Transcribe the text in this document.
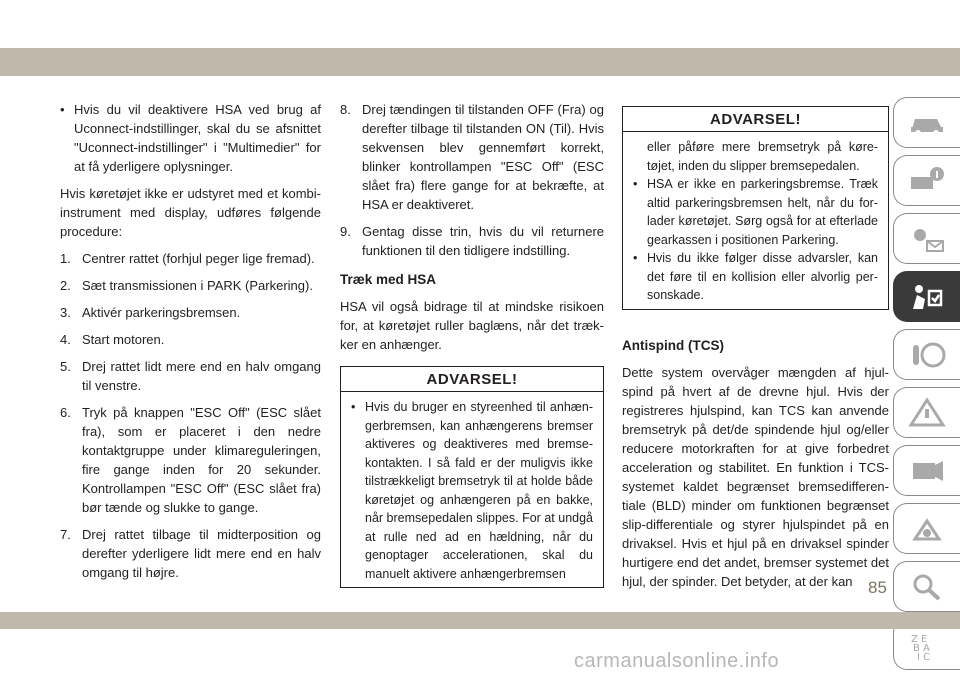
• Hvis du vil deaktivere HSA ved brug af Uconnect-indstillinger, skal du se afsnittet "Uconnect-indstillinger" i "Multimedier" for at få yderligere oplysninger.

Hvis køretøjet ikke er udstyret med et kombi-instrument med display, udføres følgende procedure:

1. Centrer rattet (forhjul peger lige fremad).
2. Sæt transmissionen i PARK (Parkering).
3. Aktivér parkeringsbremsen.
4. Start motoren.
5. Drej rattet lidt mere end en halv omgang til venstre.
6. Tryk på knappen "ESC Off" (ESC slået fra), som er placeret i den nedre kontaktgruppe under klimareguleringen, fire gange inden for 20 sekunder. Kontrollampen "ESC Off" (ESC slået fra) bør tænde og slukke to gange.
7. Drej rattet tilbage til midterposition og derefter yderligere lidt mere end en halv omgang til højre.
8. Drej tændingen til tilstanden OFF (Fra) og derefter tilbage til tilstanden ON (Til). Hvis sekvensen blev gennemført korrekt, blinker kontrollampen "ESC Off" (ESC slået fra) flere gange for at bekræfte, at HSA er deaktiveret.
9. Gentag disse trin, hvis du vil returnere funktionen til den tidligere indstilling.
Træk med HSA

HSA vil også bidrage til at mindske risikoen for, at køretøjet ruller baglæns, når det træk-ker en anhænger.

ADVARSEL!
• Hvis du bruger en styreenhed til anhæn-gerbremsen, kan anhængerens bremser aktiveres og deaktiveres med bremse-kontakten. I så fald er der muligvis ikke tilstrækkeligt bremsetryk til at holde både køretøjet og anhængeren på en bakke, når bremsepedalen slippes. For at undgå at rulle ned ad en hældning, når du genoptager accelerationen, skal du manuelt aktivere anhængerbremsen
ADVARSEL!

eller påføre mere bremsetryk på køre-tøjet, inden du slipper bremsepedalen.

• HSA er ikke en parkeringsbremse. Træk altid parkeringsbremsen helt, når du for-lader køretøjet. Sørg også for at efterlade gearkassen i positionen Parkering.
• Hvis du ikke følger disse advarsler, kan det føre til en kollision eller alvorlig per-sonskade.
Antispind (TCS)

Dette system overvåger mængden af hjul-spind på hvert af de drevne hjul. Hvis der registreres hjulspind, kan TCS kan anvende bremsetryk på det/de spindende hjul og/eller reducere motorkraften for at give forbedret acceleration og stabilitet. En funktion i TCS-systemet kaldet begrænset bremsedifferen-tiale (BLD) minder om funktionen begrænset slip-differentiale og styrer hjulspindet på en drivaksel. Hvis et hjul på en drivaksel spinder hurtigere end det andet, bremser systemet det hjul, der spinder. Det betyder, at der kan

Z E
B A
I C
85
carmanualsonline.info
